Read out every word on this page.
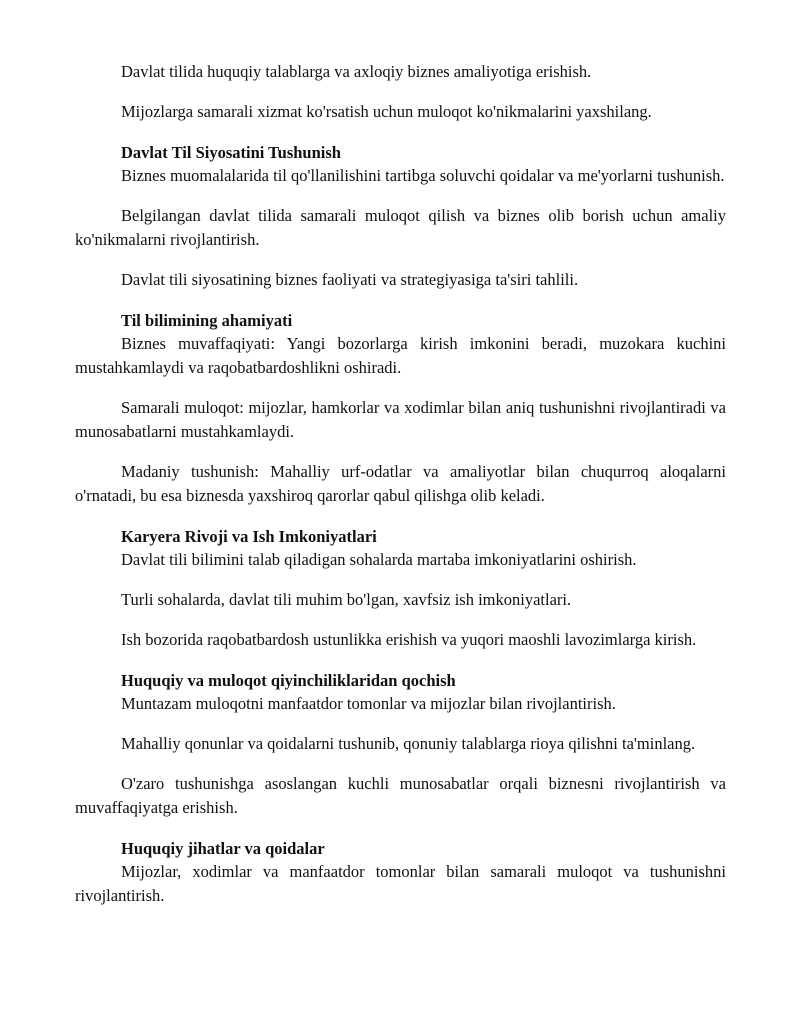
Davlat tilida huquqiy talablarga va axloqiy biznes amaliyotiga erishish.

Mijozlarga samarali xizmat ko'rsatish uchun muloqot ko'nikmalarini yaxshilang.

Davlat Til Siyosatini Tushunish

Biznes muomalalarida til qo'llanilishini tartibga soluvchi qoidalar va me'yorlarni tushunish.

Belgilangan davlat tilida samarali muloqot qilish va biznes olib borish uchun amaliy ko'nikmalarni rivojlantirish.

Davlat tili siyosatining biznes faoliyati va strategiyasiga ta'siri tahlili.

Til bilimining ahamiyati

Biznes muvaffaqiyati: Yangi bozorlarga kirish imkonini beradi, muzokara kuchini mustahkamlaydi va raqobatbardoshlikni oshiradi.

Samarali muloqot: mijozlar, hamkorlar va xodimlar bilan aniq tushunishni rivojlantiradi va munosabatlarni mustahkamlaydi.

Madaniy tushunish: Mahalliy urf-odatlar va amaliyotlar bilan chuqurroq aloqalarni o'rnatadi, bu esa biznesda yaxshiroq qarorlar qabul qilishga olib keladi.

Karyera Rivoji va Ish Imkoniyatlari

Davlat tili bilimini talab qiladigan sohalarda martaba imkoniyatlarini oshirish.

Turli sohalarda, davlat tili muhim bo'lgan, xavfsiz ish imkoniyatlari.

Ish bozorida raqobatbardosh ustunlikka erishish va yuqori maoshli lavozimlarga kirish.

Huquqiy va muloqot qiyinchiliklaridan qochish

Muntazam muloqotni manfaatdor tomonlar va mijozlar bilan rivojlantirish.

Mahalliy qonunlar va qoidalarni tushunib, qonuniy talablarga rioya qilishni ta'minlang.

O'zaro tushunishga asoslangan kuchli munosabatlar orqali biznesni rivojlantirish va muvaffaqiyatga erishish.

Huquqiy jihatlar va qoidalar

Mijozlar, xodimlar va manfaatdor tomonlar bilan samarali muloqot va tushunishni rivojlantirish.
